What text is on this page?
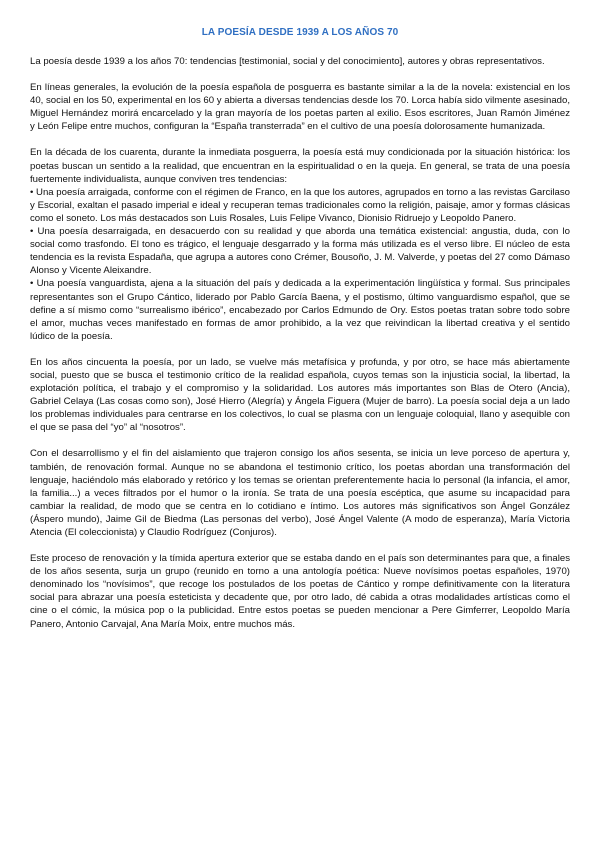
LA POESÍA DESDE 1939 A LOS AÑOS 70

La poesía desde 1939 a los años 70: tendencias [testimonial, social y del conocimiento], autores y obras representativos.

En líneas generales, la evolución de la poesía española de posguerra es bastante similar a la de la novela: existencial en los 40, social en los 50, experimental en los 60 y abierta a diversas tendencias desde los 70. Lorca había sido vilmente asesinado, Miguel Hernández morirá encarcelado y la gran mayoría de los poetas parten al exilio. Esos escritores, Juan Ramón Jiménez y León Felipe entre muchos, configuran la “España transterrada” en el cultivo de una poesía dolorosamente humanizada.

En la década de los cuarenta, durante la inmediata posguerra, la poesía está muy condicionada por la situación histórica: los poetas buscan un sentido a la realidad, que encuentran en la espiritualidad o en la queja. En general, se trata de una poesía fuertemente individualista, aunque conviven tres tendencias:

• Una poesía arraigada, conforme con el régimen de Franco, en la que los autores, agrupados en torno a las revistas Garcilaso y Escorial, exaltan el pasado imperial e ideal y recuperan temas tradicionales como la religión, paisaje, amor y formas clásicas como el soneto. Los más destacados son Luis Rosales, Luis Felipe Vivanco, Dionisio Ridruejo y Leopoldo Panero.

• Una poesía desarraigada, en desacuerdo con su realidad y que aborda una temática existencial: angustia, duda, con lo social como trasfondo. El tono es trágico, el lenguaje desgarrado y la forma más utilizada es el verso libre. El núcleo de esta tendencia es la revista Espadaña, que agrupa a autores cono Crémer, Bousoño, J. M. Valverde, y poetas del 27 como Dámaso Alonso y Vicente Aleixandre.

• Una poesía vanguardista, ajena a la situación del país y dedicada a la experimentación lingüística y formal. Sus principales representantes son el Grupo Cántico, liderado por Pablo García Baena, y el postismo, último vanguardismo español, que se define a sí mismo como “surrealismo ibérico”, encabezado por Carlos Edmundo de Ory. Estos poetas tratan sobre todo sobre el amor, muchas veces manifestado en formas de amor prohibido, a la vez que reivindican la libertad creativa y el sentido lúdico de la poesía.

En los años cincuenta la poesía, por un lado, se vuelve más metafísica y profunda, y por otro, se hace más abiertamente social, puesto que se busca el testimonio crítico de la realidad española, cuyos temas son la injusticia social, la libertad, la explotación política, el trabajo y el compromiso y la solidaridad. Los autores más importantes son Blas de Otero (Ancia), Gabriel Celaya (Las cosas como son), José Hierro (Alegría) y Ángela Figuera (Mujer de barro). La poesía social deja a un lado los problemas individuales para centrarse en los colectivos, lo cual se plasma con un lenguaje coloquial, llano y asequible con el que se pasa del “yo” al “nosotros”.

Con el desarrollismo y el fin del aislamiento que trajeron consigo los años sesenta, se inicia un leve porceso de apertura y, también, de renovación formal. Aunque no se abandona el testimonio crítico, los poetas abordan una transformación del lenguaje, haciéndolo más elaborado y retórico y los temas se orientan preferentemente hacia lo personal (la infancia, el amor, la familia...) a veces filtrados por el humor o la ironía. Se trata de una poesía escéptica, que asume su incapacidad para cambiar la realidad, de modo que se centra en lo cotidiano e íntimo. Los autores más significativos son Ángel González (Áspero mundo), Jaime Gil de Biedma (Las personas del verbo), José Ángel Valente (A modo de esperanza), María Victoria Atencia (El coleccionista) y Claudio Rodríguez (Conjuros).

Este proceso de renovación y la tímida apertura exterior que se estaba dando en el país son determinantes para que, a finales de los años sesenta, surja un grupo (reunido en torno a una antología poética: Nueve novísimos poetas españoles, 1970) denominado los “novísimos”, que recoge los postulados de los poetas de Cántico y rompe definitivamente con la literatura social para abrazar una poesía esteticista y decadente que, por otro lado, dé cabida a otras modalidades artísticas como el cine o el cómic, la música pop o la publicidad. Entre estos poetas se pueden mencionar a Pere Gimferrer, Leopoldo María Panero, Antonio Carvajal, Ana María Moix, entre muchos más.
